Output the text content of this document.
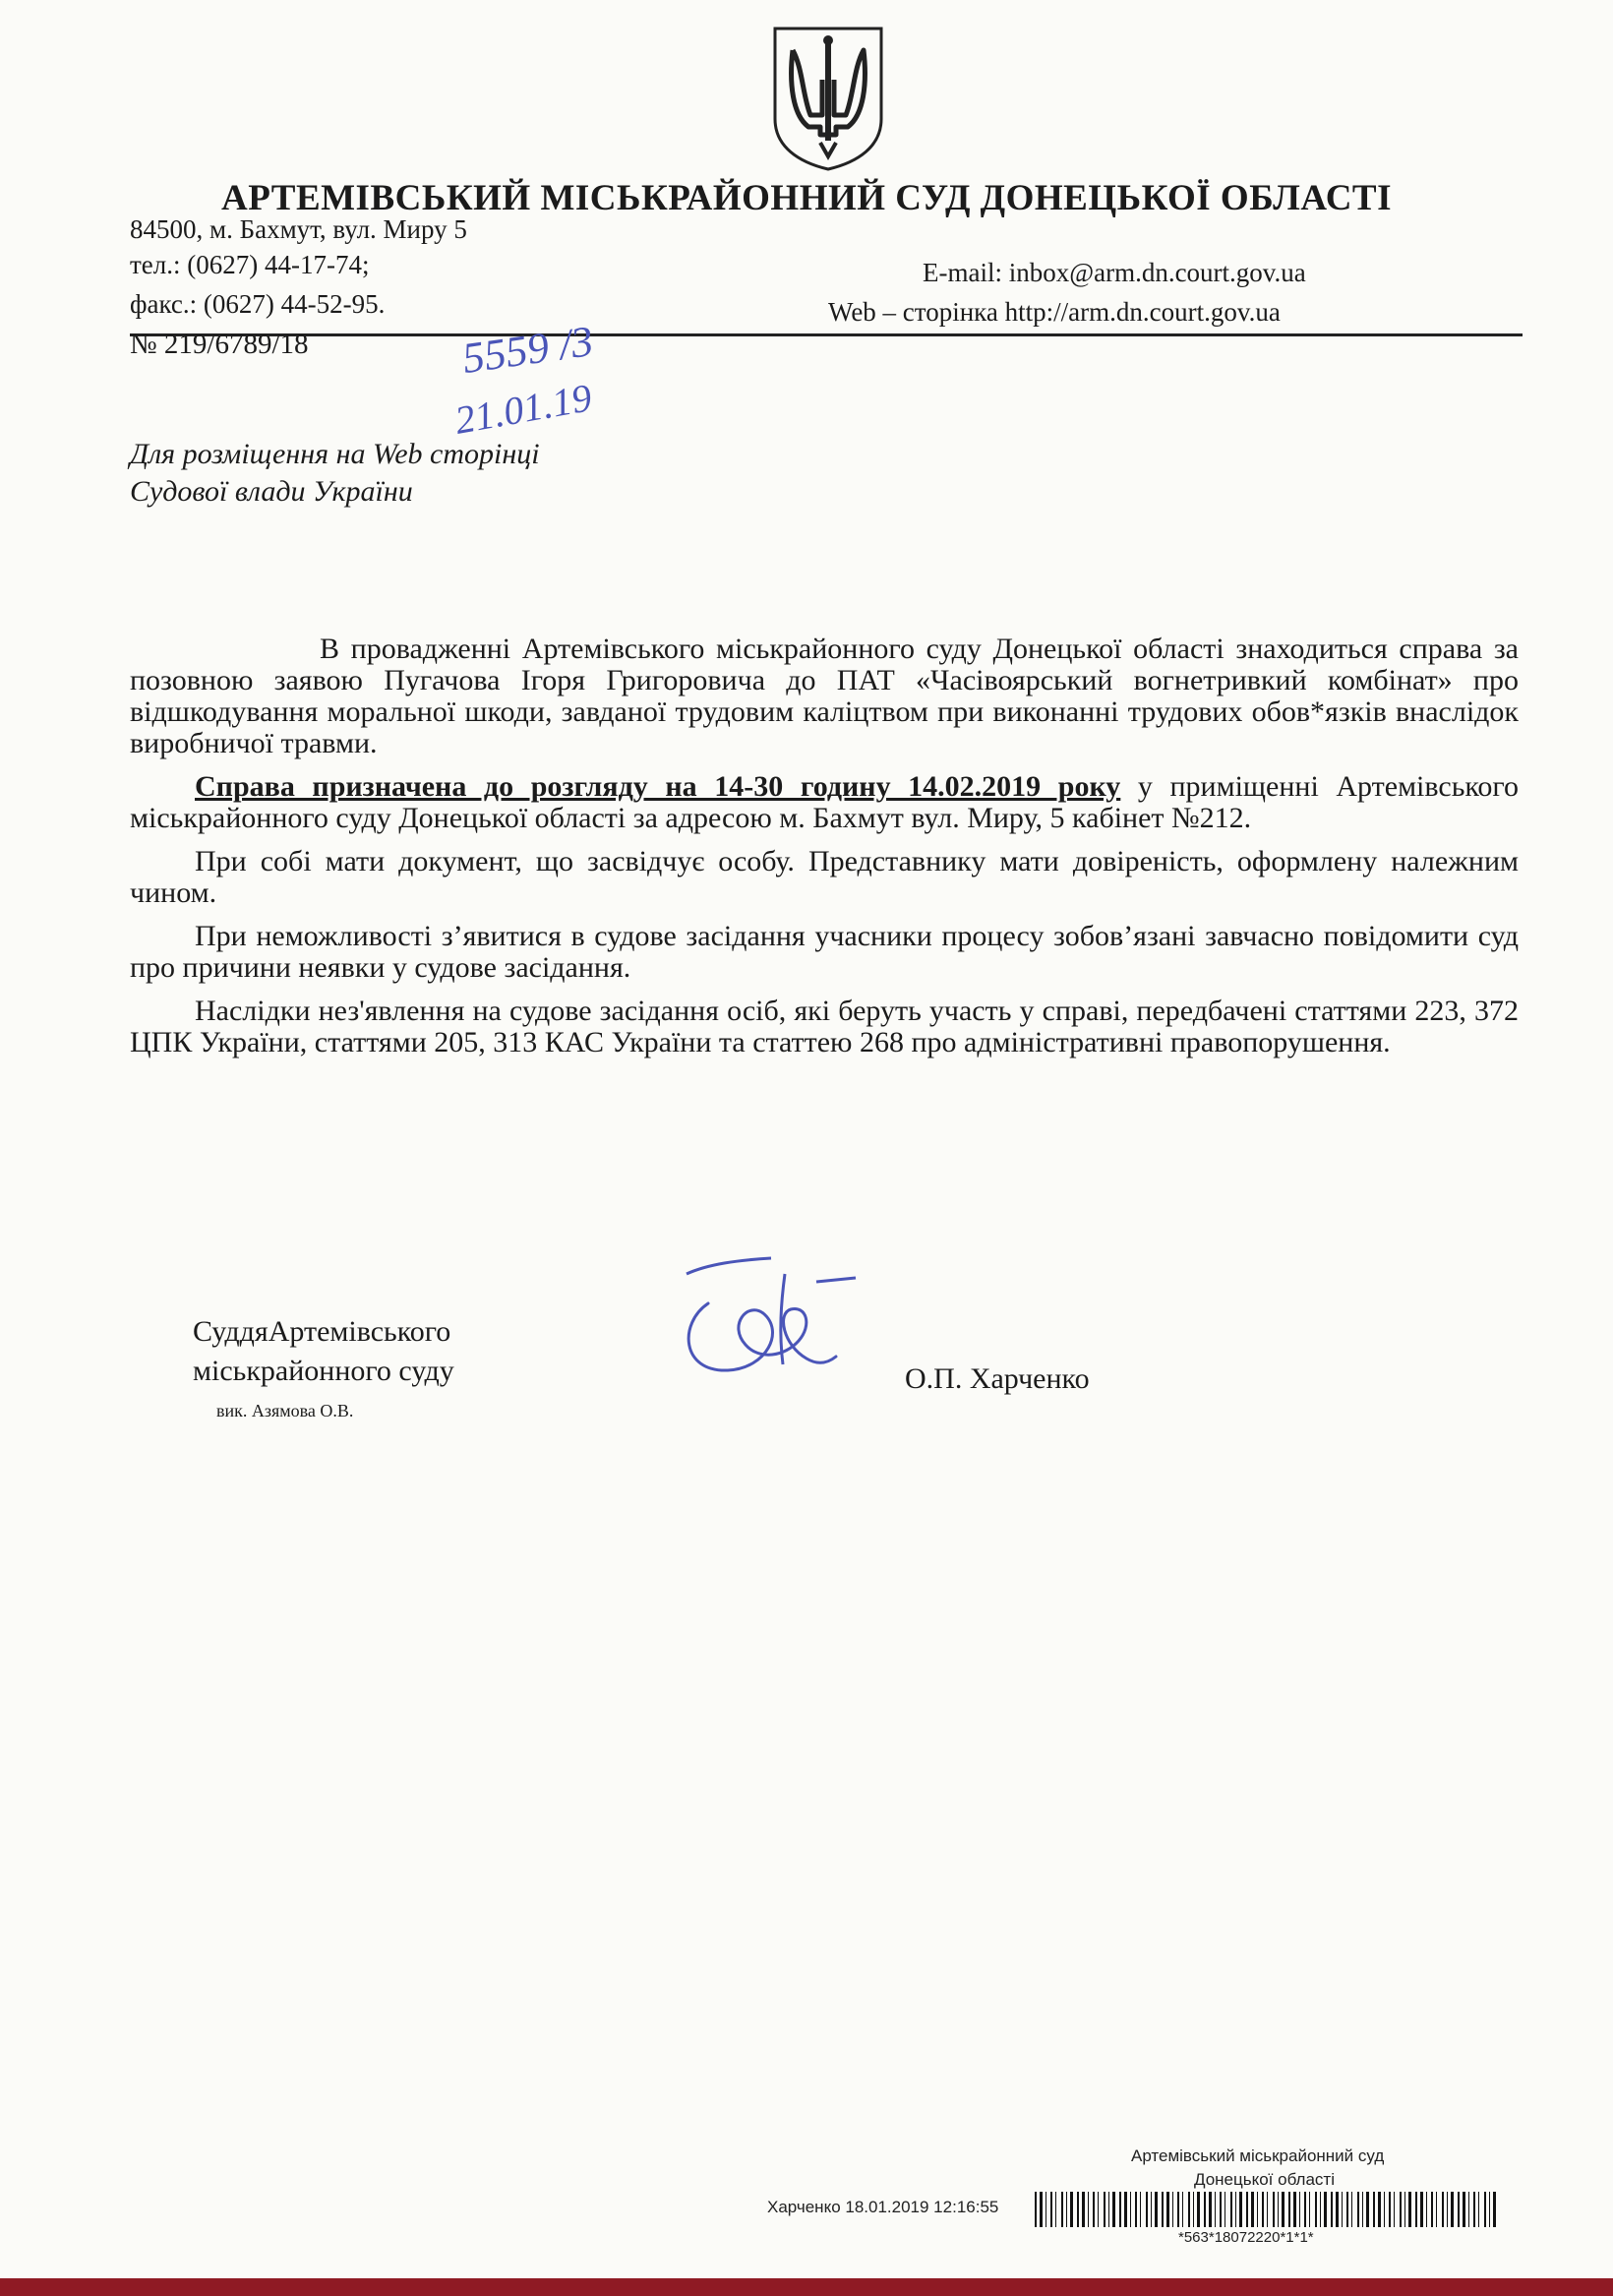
АРТЕМІВСЬКИЙ МІСЬКРАЙОННИЙ СУД ДОНЕЦЬКОЇ ОБЛАСТІ
84500, м. Бахмут, вул. Миру 5
тел.: (0627) 44-17-74;
факс.: (0627) 44-52-95.
E-mail: inbox@arm.dn.court.gov.ua
Web – сторінка http://arm.dn.court.gov.ua
№ 219/6789/18	5559 /3
21.01.19
Для розміщення на Web сторінці
Судової влади України

В провадженні Артемівського міськрайонного суду Донецької області знаходиться справа за позовною заявою Пугачова Ігоря Григоровича до ПАТ «Часівоярський вогнетривкий комбінат» про відшкодування моральної шкоди, завданої трудовим каліцтвом при виконанні трудових обов*язків внаслідок виробничої травми.

Справа призначена до розгляду на 14-30 годину 14.02.2019 року у приміщенні Артемівського міськрайонного суду Донецької області за адресою м. Бахмут вул. Миру, 5 кабінет №212.

При собі мати документ, що засвідчує особу. Представнику мати довіреність, оформлену належним чином.

При неможливості з’явитися в судове засідання учасники процесу зобов’язані завчасно повідомити суд про причини неявки у судове засідання.

Наслідки нез'явлення на судове засідання осіб, які беруть участь у справі, передбачені статтями 223, 372 ЦПК України, статтями 205, 313 КАС України та статтею 268 про адміністративні правопорушення.

СуддяАртемівського
міськрайонного суду
вик. Азямова О.В.
О.П. Харченко
Артемівський міськрайонний суд
Донецької області
Харченко 18.01.2019 12:16:55
*563*18072220*1*1*
